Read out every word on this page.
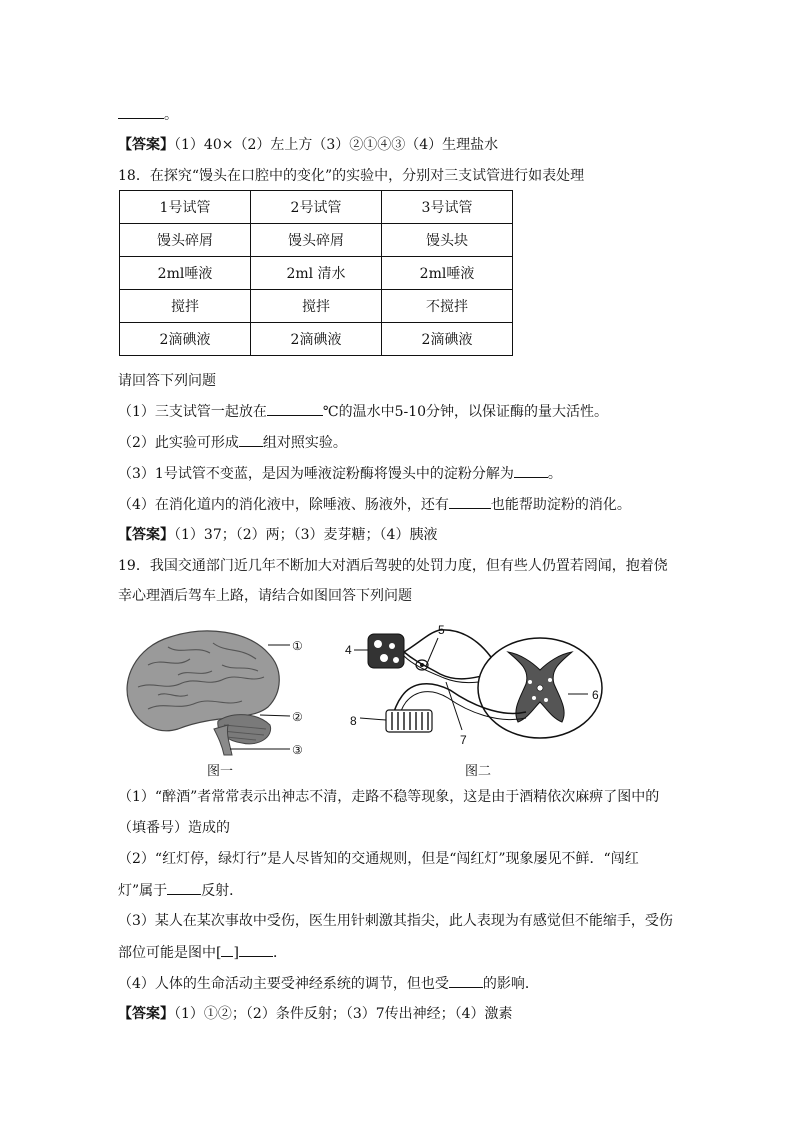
。
【答案】（1）40×（2）左上方（3）②①④③（4）生理盐水
18．在探究“馒头在口腔中的变化”的实验中，分别对三支试管进行如表处理
1号试管	2号试管	3号试管
馒头碎屑	馒头碎屑	馒头块
2ml唾液	2ml 清水	2ml唾液
搅拌	搅拌	不搅拌
2滴碘液	2滴碘液	2滴碘液
请回答下列问题
（1）三支试管一起放在	℃的温水中5-10分钟，以保证酶的量大活性。
（2）此实验可形成 组对照实验。
（3）1号试管不变蓝，是因为唾液淀粉酶将馒头中的淀粉分解为 。
（4）在消化道内的消化液中，除唾液、肠液外，还有	也能帮助淀粉的消化。
【答案】（1）37；（2）两；（3）麦芽糖；（4）胰液
19．我国交通部门近几年不断加大对酒后驾驶的处罚力度，但有些人仍置若罔闻，抱着侥
幸心理酒后驾车上路，请结合如图回答下列问题
①
②
③
图一
4
5
6
7
8
图二
（1）“醉酒”者常常表示出神志不清，走路不稳等现象，这是由于酒精依次麻痹了图中的
（填番号）造成的
（2）“红灯停，绿灯行”是人尽皆知的交通规则，但是“闯红灯”现象屡见不鲜．“闯红
灯”属于 反射．
（3）某人在某次事故中受伤，医生用针刺激其指尖，此人表现为有感觉但不能缩手，受伤
部位可能是图中[ ] ．
（4）人体的生命活动主要受神经系统的调节，但也受 的影响．
【答案】（1）①②；（2）条件反射；（3）7传出神经；（4）激素
